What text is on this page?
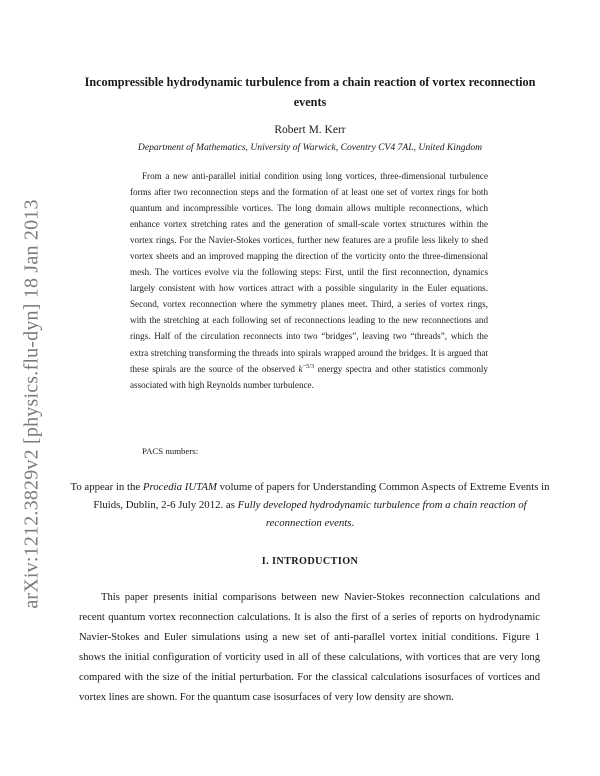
arXiv:1212.3829v2 [physics.flu-dyn] 18 Jan 2013
Incompressible hydrodynamic turbulence from a chain reaction of vortex reconnection events

Robert M. Kerr

Department of Mathematics, University of Warwick, Coventry CV4 7AL, United Kingdom

From a new anti-parallel initial condition using long vortices, three-dimensional turbulence forms after two reconnection steps and the formation of at least one set of vortex rings for both quantum and incompressible vortices. The long domain allows multiple reconnections, which enhance vortex stretching rates and the generation of small-scale vortex structures within the vortex rings. For the Navier-Stokes vortices, further new features are a profile less likely to shed vortex sheets and an improved mapping the direction of the vorticity onto the three-dimensional mesh. The vortices evolve via the following steps: First, until the first reconnection, dynamics largely consistent with how vortices attract with a possible singularity in the Euler equations. Second, vortex reconnection where the symmetry planes meet. Third, a series of vortex rings, with the stretching at each following set of reconnections leading to the new reconnections and rings. Half of the circulation reconnects into two “bridges”, leaving two “threads”, which the extra stretching transforming the threads into spirals wrapped around the bridges. It is argued that these spirals are the source of the observed $k^{-5/3}$ energy spectra and other statistics commonly associated with high Reynolds number turbulence.

PACS numbers:

To appear in the Procedia IUTAM volume of papers for Understanding Common Aspects of Extreme Events in Fluids, Dublin, 2-6 July 2012. as Fully developed hydrodynamic turbulence from a chain reaction of reconnection events.

I. INTRODUCTION

This paper presents initial comparisons between new Navier-Stokes reconnection calculations and recent quantum vortex reconnection calculations. It is also the first of a series of reports on hydrodynamic Navier-Stokes and Euler simulations using a new set of anti-parallel vortex initial conditions. Figure 1 shows the initial configuration of vorticity used in all of these calculations, with vortices that are very long compared with the size of the initial perturbation. For the classical calculations isosurfaces of vortices and vortex lines are shown. For the quantum case isosurfaces of very low density are shown.
